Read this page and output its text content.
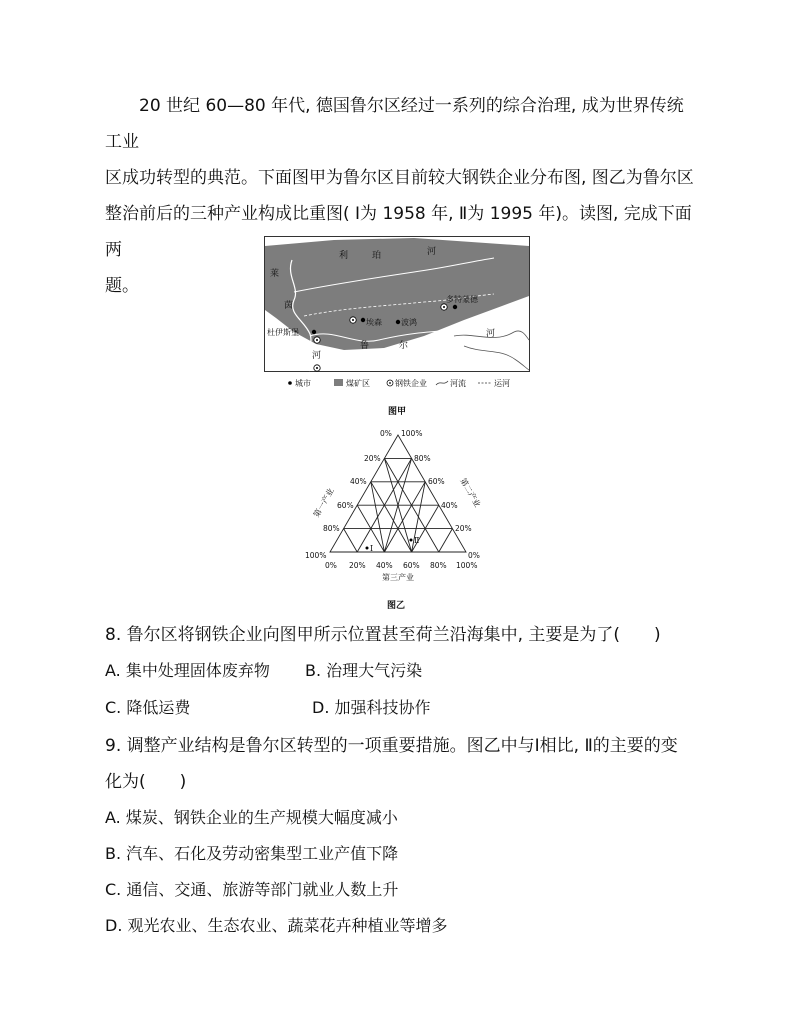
20 世纪 60—80 年代, 德国鲁尔区经过一系列的综合治理, 成为世界传统工业
区成功转型的典范。下面图甲为鲁尔区目前较大钢铁企业分布图, 图乙为鲁尔区
整治前后的三种产业构成比重图( Ⅰ为 1958 年, Ⅱ为 1995 年)。读图, 完成下面两
题。
利	珀	河
莱
茵
河
鲁	尔
河
多特蒙德
埃森 波鸿
杜伊斯堡
城市	煤矿区	钢铁企业	河流	运河
图甲
0% 100%
20%
40%
60%
80%
100%
80%
60%
40%
20%
0%
0% 20% 40% 60% 80% 100%
第三产业
第一产业	第二产业
Ⅰ
Ⅱ
图乙
8. 鲁尔区将钢铁企业向图甲所示位置甚至荷兰沿海集中, 主要是为了(　　)
A. 集中处理固体废弃物 B. 治理大气污染
C. 降低运费	D. 加强科技协作
9. 调整产业结构是鲁尔区转型的一项重要措施。图乙中与Ⅰ相比, Ⅱ的主要的变
化为(　　)
A. 煤炭、钢铁企业的生产规模大幅度减小
B. 汽车、石化及劳动密集型工业产值下降
C. 通信、交通、旅游等部门就业人数上升
D. 观光农业、生态农业、蔬菜花卉种植业等增多
